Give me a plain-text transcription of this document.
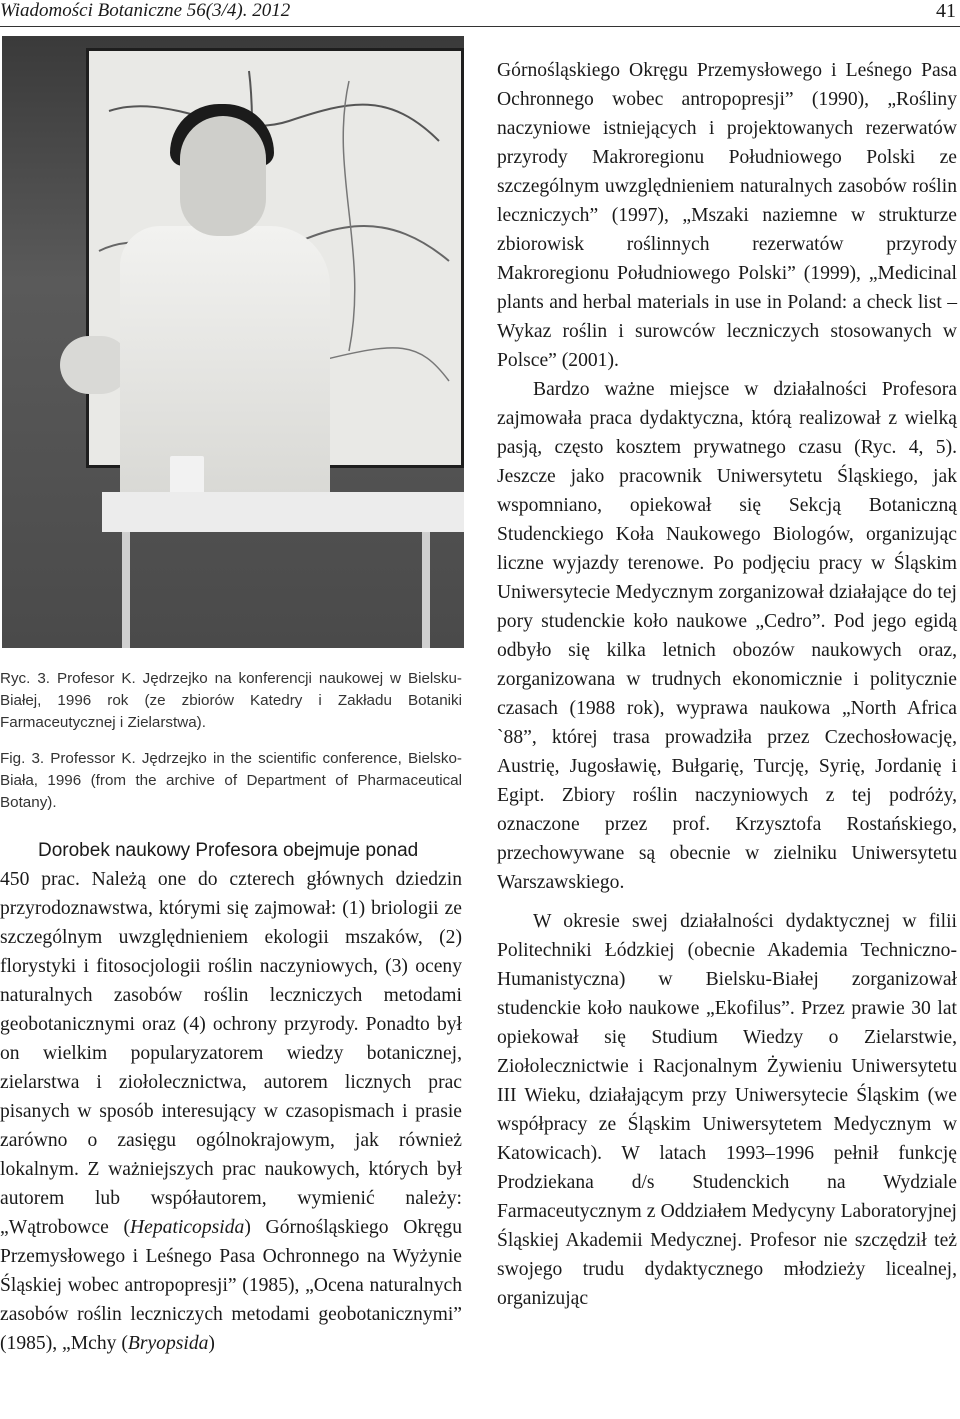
Wiadomości Botaniczne 56(3/4). 2012	41

Ryc. 3. Profesor K. Jędrzejko na konferencji naukowej w Bielsku-Białej, 1996 rok (ze zbiorów Katedry i Zakładu Botaniki Farmaceutycznej i Zielarstwa).

Fig. 3. Professor K. Jędrzejko in the scientific conference, Bielsko-Biała, 1996 (from the archive of Department of Pharmaceutical Botany).

Dorobek naukowy Profesora obejmuje ponad

450 prac. Należą one do czterech głównych dziedzin przyrodoznawstwa, którymi się zajmował: (1) briologii ze szczególnym uwzględnieniem ekologii mszaków, (2) florystyki i fitosocjologii roślin naczyniowych, (3) oceny naturalnych zasobów roślin leczniczych metodami geobotanicznymi oraz (4) ochrony przyrody. Ponadto był on wielkim popularyzatorem wiedzy botanicznej, zielarstwa i ziołolecznictwa, autorem licznych prac pisanych w sposób interesujący w czasopismach i prasie zarówno o zasięgu ogólnokrajowym, jak również lokalnym. Z ważniejszych prac naukowych, których był autorem lub współautorem, wymienić należy: „Wątrobowce (Hepaticopsida) Górnośląskiego Okręgu Przemysłowego i Leśnego Pasa Ochronnego na Wyżynie Śląskiej wobec antropopresji” (1985), „Ocena naturalnych zasobów roślin leczniczych metodami geobotanicznymi” (1985), „Mchy (Bryopsida)

Górnośląskiego Okręgu Przemysłowego i Leśnego Pasa Ochronnego wobec antropopresji” (1990), „Rośliny naczyniowe istniejących i projektowanych rezerwatów przyrody Makroregionu Południowego Polski ze szczególnym uwzględnieniem naturalnych zasobów roślin leczniczych” (1997), „Mszaki naziemne w strukturze zbiorowisk roślinnych rezerwatów przyrody Makroregionu Południowego Polski” (1999), „Medicinal plants and herbal materials in use in Poland: a check list – Wykaz roślin i surowców leczniczych stosowanych w Polsce” (2001).

Bardzo ważne miejsce w działalności Profesora zajmowała praca dydaktyczna, którą realizował z wielką pasją, często kosztem prywatnego czasu (Ryc. 4, 5). Jeszcze jako pracownik Uniwersytetu Śląskiego, jak wspomniano, opiekował się Sekcją Botaniczną Studenckiego Koła Naukowego Biologów, organizując liczne wyjazdy terenowe. Po podjęciu pracy w Śląskim Uniwersytecie Medycznym zorganizował działające do tej pory studenckie koło naukowe „Cedro”. Pod jego egidą odbyło się kilka letnich obozów naukowych oraz, zorganizowana w trudnych ekonomicznie i politycznie czasach (1988 rok), wyprawa naukowa „North Africa `88”, której trasa prowadziła przez Czechosłowację, Austrię, Jugosławię, Bułgarię, Turcję, Syrię, Jordanię i Egipt. Zbiory roślin naczyniowych z tej podróży, oznaczone przez prof. Krzysztofa Rostańskiego, przechowywane są obecnie w zielniku Uniwersytetu Warszawskiego.

W okresie swej działalności dydaktycznej w filii Politechniki Łódzkiej (obecnie Akademia Techniczno-Humanistyczna) w Bielsku-Białej zorganizował studenckie koło naukowe „Ekofilus”. Przez prawie 30 lat opiekował się Studium Wiedzy o Zielarstwie, Ziołolecznictwie i Racjonalnym Żywieniu Uniwersytetu III Wieku, działającym przy Uniwersytecie Śląskim (we współpracy ze Śląskim Uniwersytetem Medycznym w Katowicach). W latach 1993–1996 pełnił funkcję Prodziekana d/s Studenckich na Wydziale Farmaceutycznym z Oddziałem Medycyny Laboratoryjnej Śląskiej Akademii Medycznej. Profesor nie szczędził też swojego trudu dydaktycznego młodzieży licealnej, organizując
